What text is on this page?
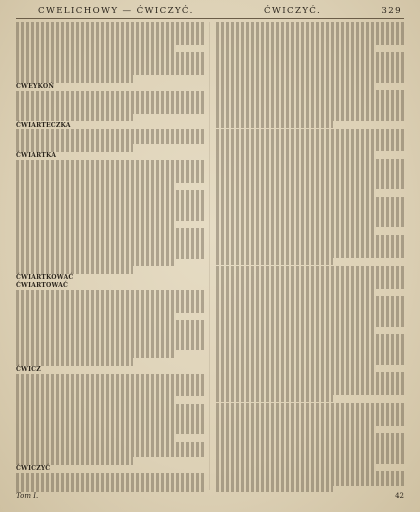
CWELICHOWY — ĆWICZYĆ.	ĆWICZYĆ.	329

CWEYKOŃ

ĆWIARTECZKA

ĆWIARTKA

ĆWIARTKOWAĆ

ĆWIARTOWAĆ

ĆWICZ

ĆWICZYĆ

Tom I.	42
